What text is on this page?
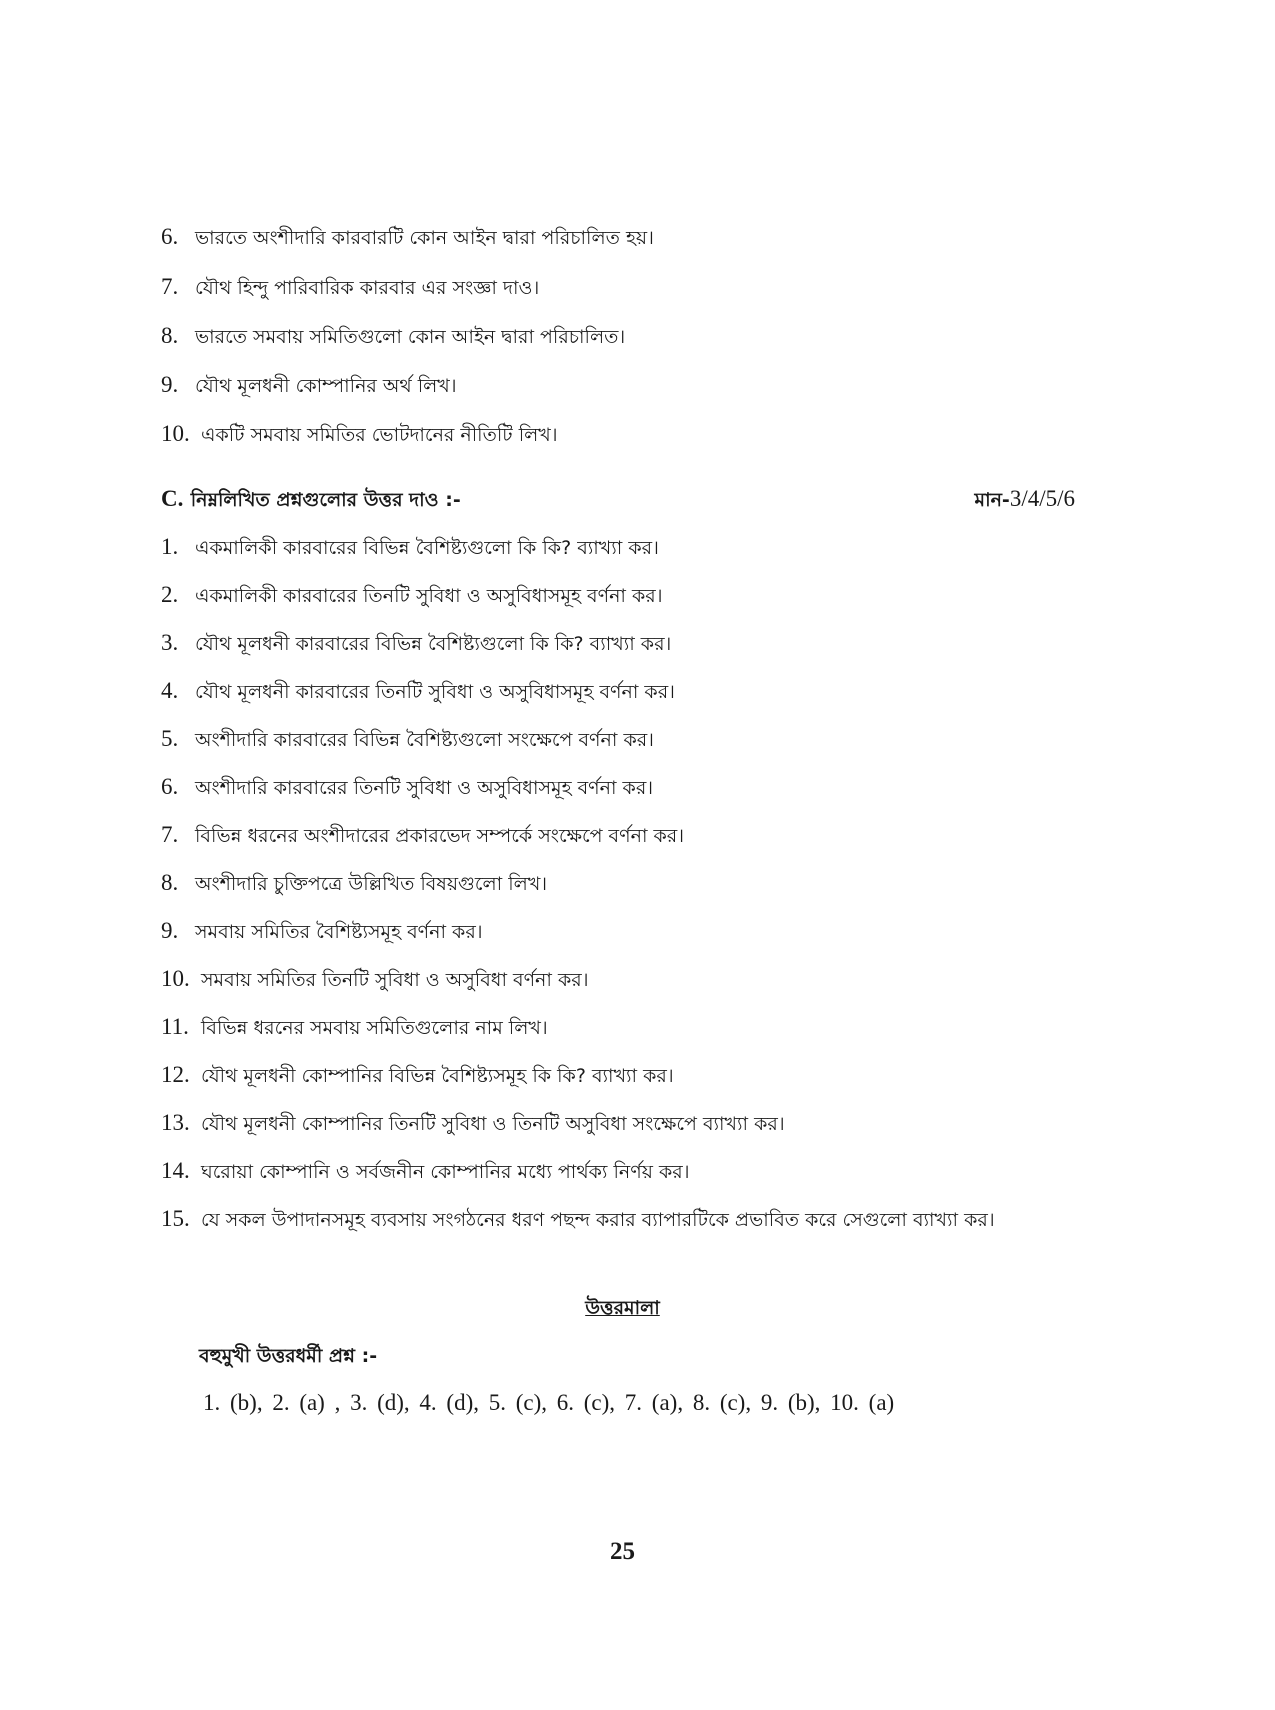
6. ভারতে অংশীদারি কারবারটি কোন আইন দ্বারা পরিচালিত হয়।
7. যৌথ হিন্দু পারিবারিক কারবার এর সংজ্ঞা দাও।
8. ভারতে সমবায় সমিতিগুলো কোন আইন দ্বারা পরিচালিত।
9. যৌথ মূলধনী কোম্পানির অর্থ লিখ।
10. একটি সমবায় সমিতির ভোটদানের নীতিটি লিখ।
C. নিম্নলিখিত প্রশ্নগুলোর উত্তর দাও :-	মান-3/4/5/6
1. একমালিকী কারবারের বিভিন্ন বৈশিষ্ট্যগুলো কি কি? ব্যাখ্যা কর।
2. একমালিকী কারবারের তিনটি সুবিধা ও অসুবিধাসমূহ বর্ণনা কর।
3. যৌথ মূলধনী কারবারের বিভিন্ন বৈশিষ্ট্যগুলো কি কি? ব্যাখ্যা কর।
4. যৌথ মূলধনী কারবারের তিনটি সুবিধা ও অসুবিধাসমূহ বর্ণনা কর।
5. অংশীদারি কারবারের বিভিন্ন বৈশিষ্ট্যগুলো সংক্ষেপে বর্ণনা কর।
6. অংশীদারি কারবারের তিনটি সুবিধা ও অসুবিধাসমূহ বর্ণনা কর।
7. বিভিন্ন ধরনের অংশীদারের প্রকারভেদ সম্পর্কে সংক্ষেপে বর্ণনা কর।
8. অংশীদারি চুক্তিপত্রে উল্লিখিত বিষয়গুলো লিখ।
9. সমবায় সমিতির বৈশিষ্ট্যসমূহ বর্ণনা কর।
10. সমবায় সমিতির তিনটি সুবিধা ও অসুবিধা বর্ণনা কর।
11. বিভিন্ন ধরনের সমবায় সমিতিগুলোর নাম লিখ।
12. যৌথ মূলধনী কোম্পানির বিভিন্ন বৈশিষ্ট্যসমূহ কি কি? ব্যাখ্যা কর।
13. যৌথ মূলধনী কোম্পানির তিনটি সুবিধা ও তিনটি অসুবিধা সংক্ষেপে ব্যাখ্যা কর।
14. ঘরোয়া কোম্পানি ও সর্বজনীন কোম্পানির মধ্যে পার্থক্য নির্ণয় কর।
15. যে সকল উপাদানসমূহ ব্যবসায় সংগঠনের ধরণ পছন্দ করার ব্যাপারটিকে প্রভাবিত করে সেগুলো ব্যাখ্যা কর।
উত্তরমালা
বহুমুখী উত্তরধর্মী প্রশ্ন :-
1. (b), 2. (a) , 3. (d), 4. (d), 5. (c), 6. (c), 7. (a), 8. (c), 9. (b), 10. (a)
25
